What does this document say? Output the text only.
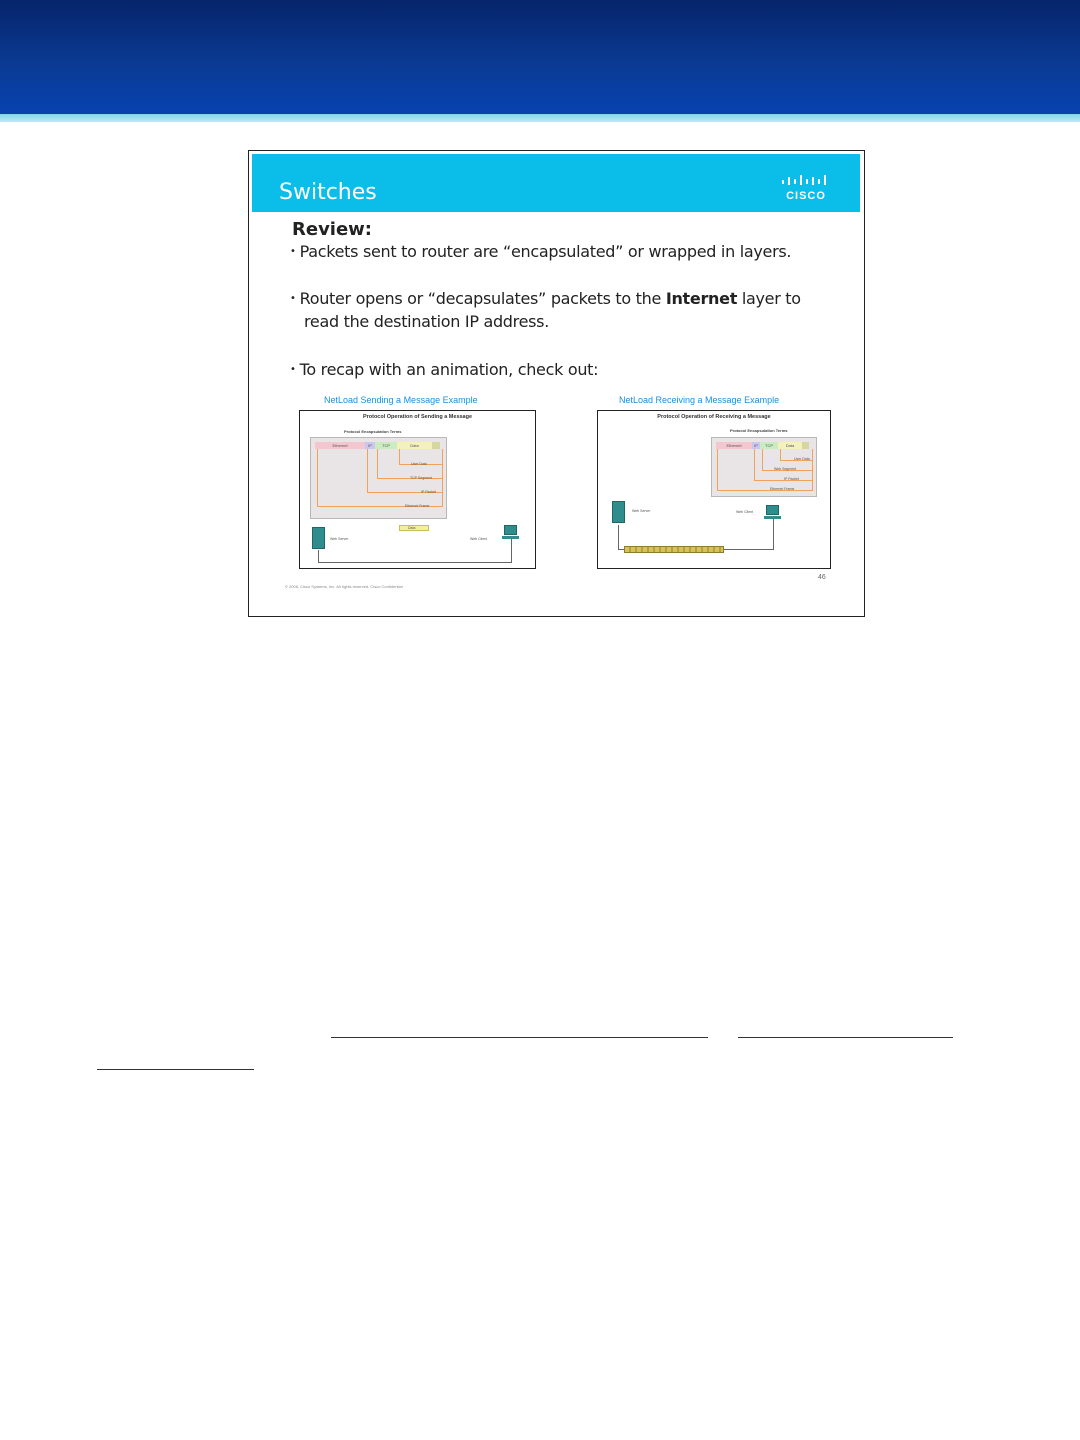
Switches	CISCO
Review:
• Packets sent to router are “encapsulated” or wrapped in layers.
• Router opens or “decapsulates” packets to the Internet layer to
read the destination IP address.
• To recap with an animation, check out:
NetLoad Sending a Message Example	NetLoad Receiving a Message Example
Protocol Operation of Sending a Message
Protocol Encapsulation Terms
Ethernet	IP	TCP	Data
User Data
TCP Segment
IP Packet
Ethernet Frame
Data
Web Server	Web Client
Protocol Operation of Receiving a Message
Protocol Encapsulation Terms
Ethernet	IP	TCP	Data
User Data
Web Segment
IP Packet
Ethernet Frame
Web Server	Web Client
© 2006, Cisco Systems, Inc. All rights reserved. Cisco Confidential
46
